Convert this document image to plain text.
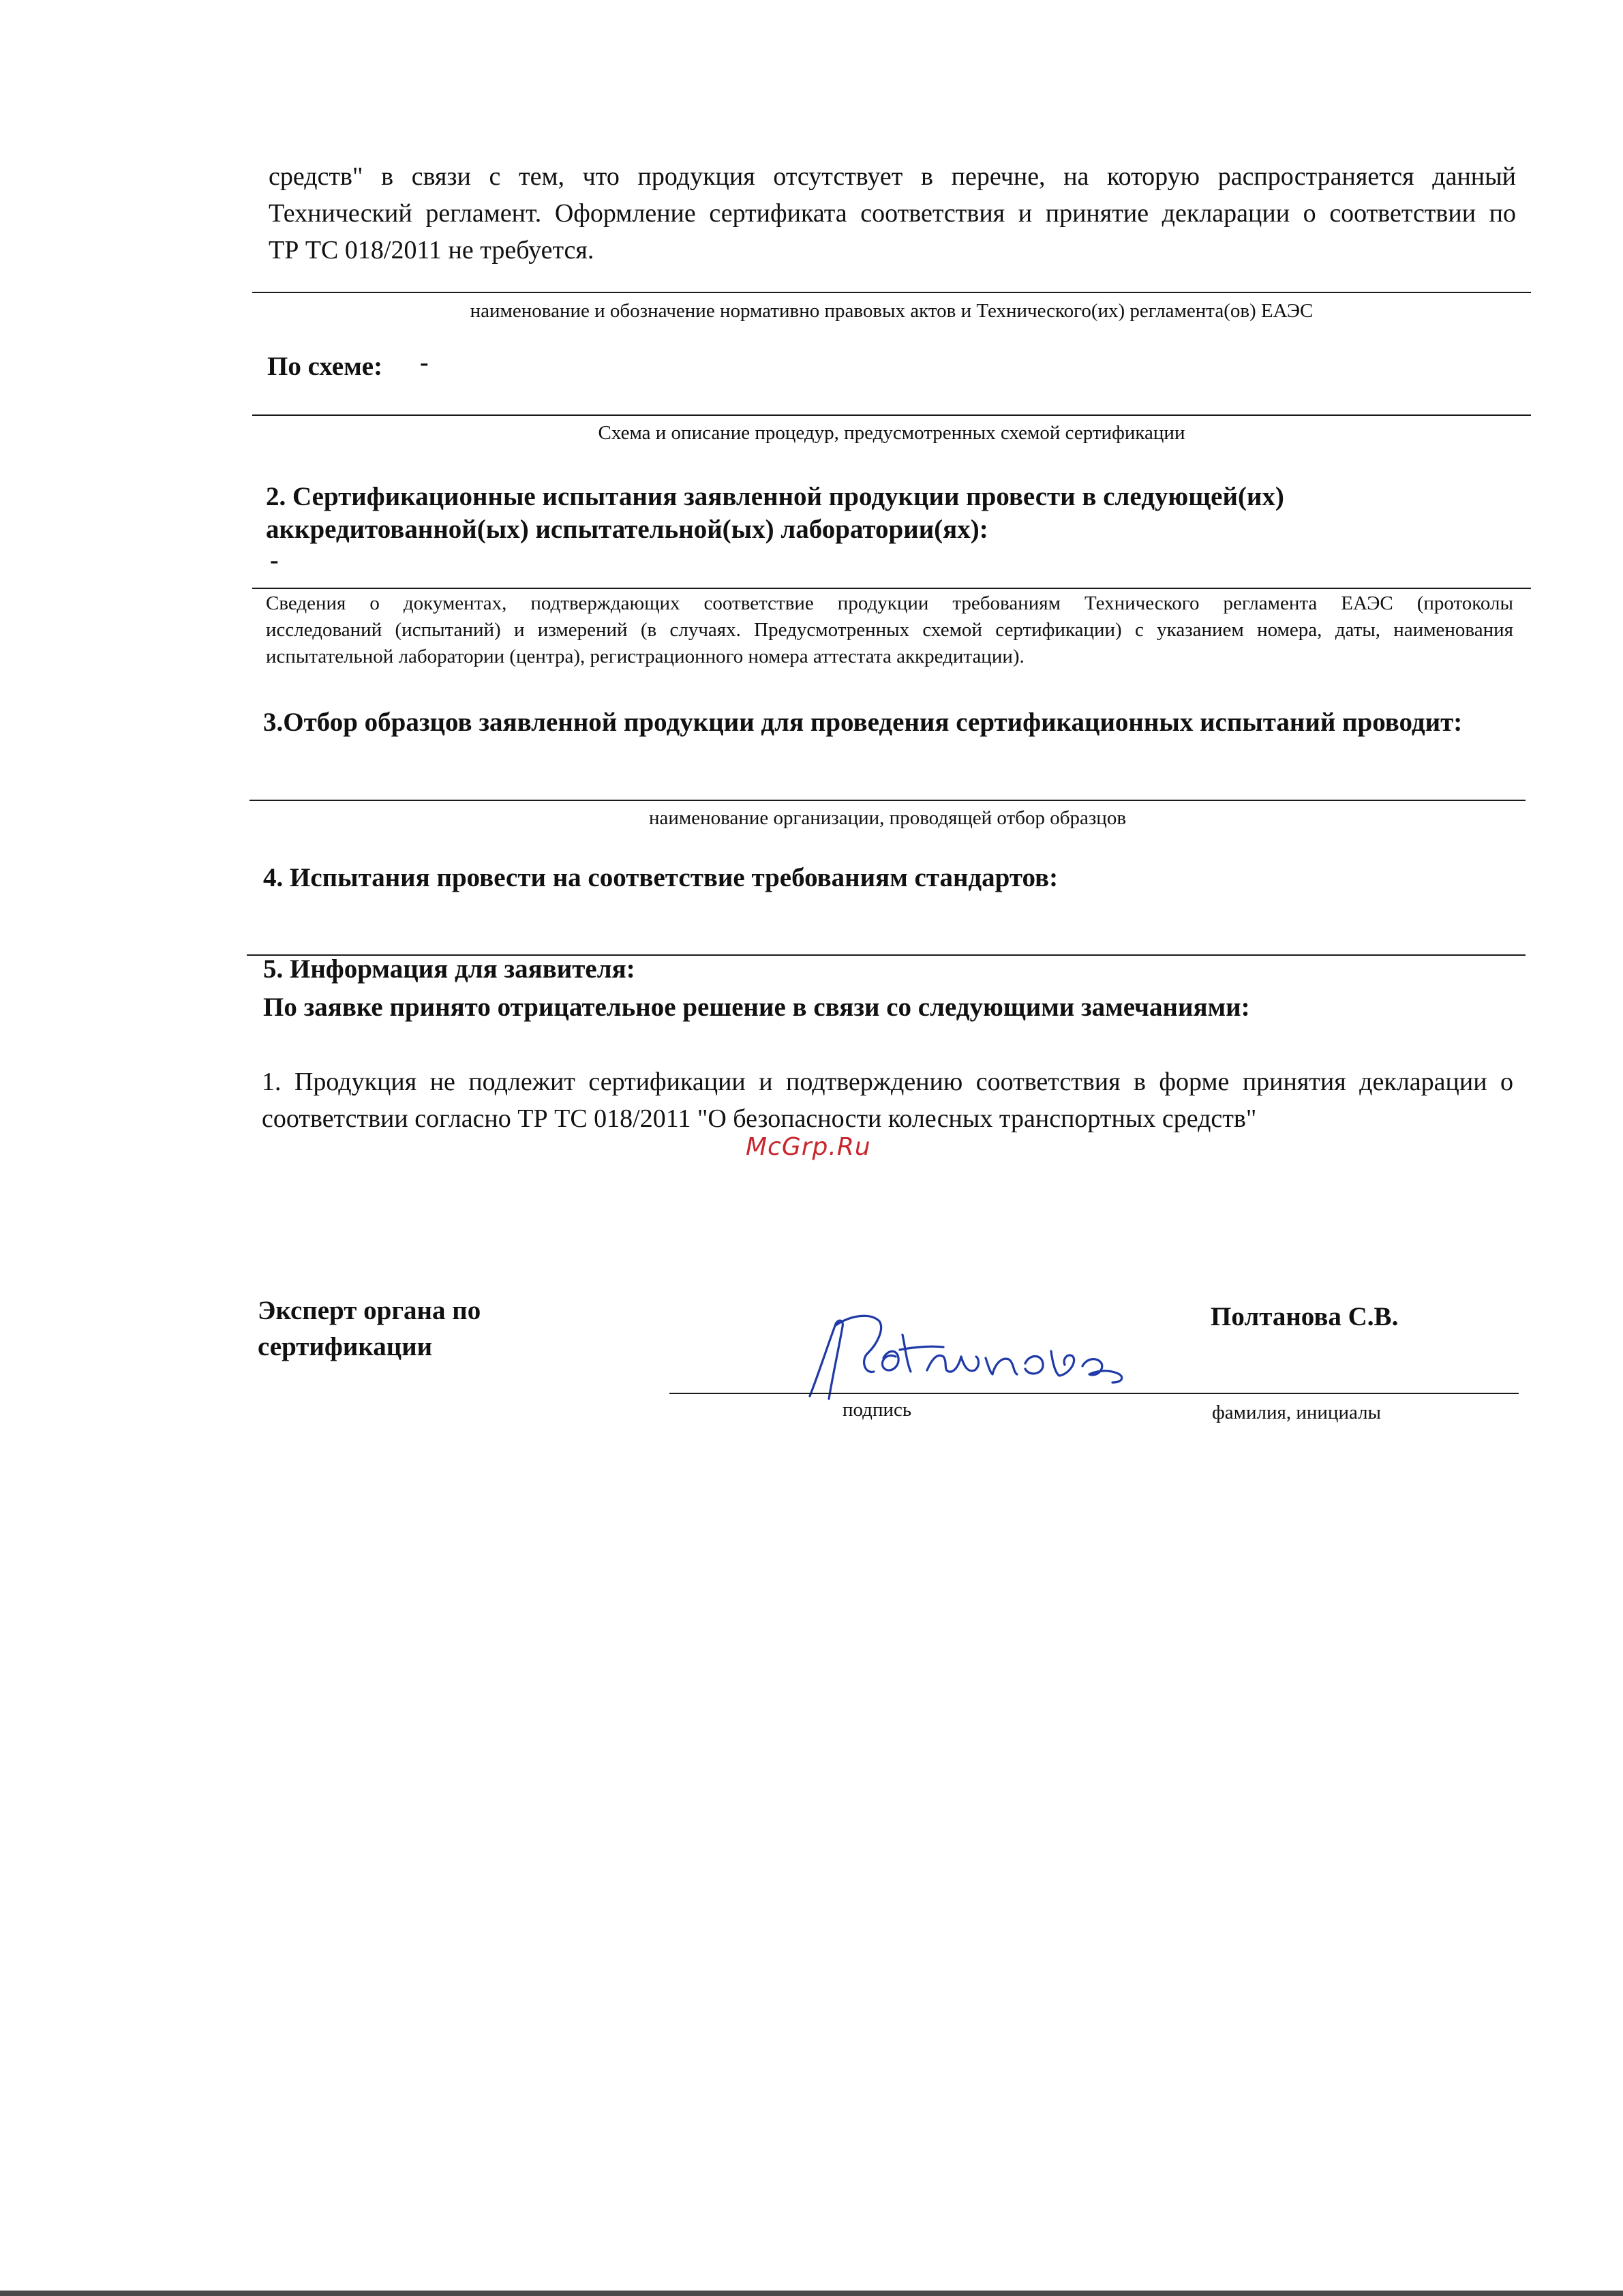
средств" в связи с тем, что продукция отсутствует в перечне, на которую распространяется данный
Технический регламент. Оформление сертификата соответствия и принятие декларации о соответствии по
ТР ТС 018/2011 не требуется.
наименование и обозначение нормативно правовых актов и Технического(их) регламента(ов) ЕАЭС
По схеме: -
Схема и описание процедур, предусмотренных схемой сертификации
2. Сертификационные испытания заявленной продукции провести в следующей(их)
аккредитованной(ых) испытательной(ых) лаборатории(ях):
-
Сведения о документах, подтверждающих соответствие продукции требованиям Технического регламента ЕАЭС (протоколы
исследований (испытаний) и измерений (в случаях. Предусмотренных схемой сертификации) с указанием номера, даты, наименования
испытательной лаборатории (центра), регистрационного номера аттестата аккредитации).
3.Отбор образцов заявленной продукции для проведения сертификационных испытаний проводит:
наименование организации, проводящей отбор образцов
4. Испытания провести на соответствие требованиям стандартов:
5. Информация для заявителя:
По заявке принято отрицательное решение в связи со следующими замечаниями:
1. Продукция не подлежит сертификации и подтверждению соответствия в форме принятия декларации о
соответствии согласно ТР ТС 018/2011 "О безопасности колесных транспортных средств"
McGrp.Ru
Эксперт органа по
сертификации
Полтанова С.В.
подпись	фамилия, инициалы
